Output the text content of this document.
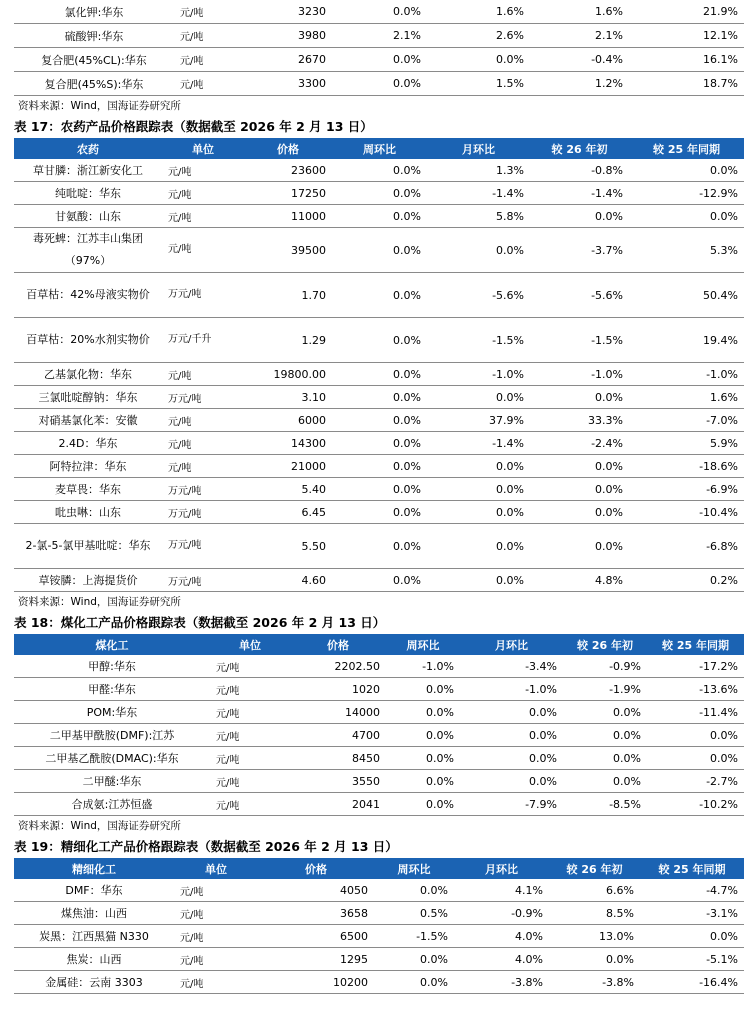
氯化钾:华东	元/吨	3230	0.0%	1.6%	1.6%	21.9%
硫酸钾:华东	元/吨	3980	2.1%	2.6%	2.1%	12.1%
复合肥(45%CL):华东	元/吨	2670	0.0%	0.0%	-0.4%	16.1%
复合肥(45%S):华东	元/吨	3300	0.0%	1.5%	1.2%	18.7%
资料来源：Wind，国海证券研究所
表 17：农药产品价格跟踪表（数据截至 2026 年 2 月 13 日）
农药	单位	价格	周环比	月环比	较 26 年初	较 25 年同期
草甘膦：浙江新安化工	元/吨	23600	0.0%	1.3%	-0.8%	0.0%
纯吡啶：华东	元/吨	17250	0.0%	-1.4%	-1.4%	-12.9%
甘氨酸：山东	元/吨	11000	0.0%	5.8%	0.0%	0.0%
毒死蜱：江苏丰山集团（97%）	元/吨	39500	0.0%	0.0%	-3.7%	5.3%
百草枯：42%母液实物价	万元/吨	1.70	0.0%	-5.6%	-5.6%	50.4%
百草枯：20%水剂实物价	万元/千升	1.29	0.0%	-1.5%	-1.5%	19.4%
乙基氯化物：华东	元/吨	19800.00	0.0%	-1.0%	-1.0%	-1.0%
三氯吡啶醇钠：华东	万元/吨	3.10	0.0%	0.0%	0.0%	1.6%
对硝基氯化苯：安徽	元/吨	6000	0.0%	37.9%	33.3%	-7.0%
2.4D：华东	元/吨	14300	0.0%	-1.4%	-2.4%	5.9%
阿特拉津：华东	元/吨	21000	0.0%	0.0%	0.0%	-18.6%
麦草畏：华东	万元/吨	5.40	0.0%	0.0%	0.0%	-6.9%
吡虫啉：山东	万元/吨	6.45	0.0%	0.0%	0.0%	-10.4%
2-氯-5-氯甲基吡啶：华东	万元/吨	5.50	0.0%	0.0%	0.0%	-6.8%
草铵膦：上海提货价	万元/吨	4.60	0.0%	0.0%	4.8%	0.2%
资料来源：Wind，国海证券研究所
表 18：煤化工产品价格跟踪表（数据截至 2026 年 2 月 13 日）
煤化工	单位	价格	周环比	月环比	较 26 年初	较 25 年同期
甲醇:华东	元/吨	2202.50	-1.0%	-3.4%	-0.9%	-17.2%
甲醛:华东	元/吨	1020	0.0%	-1.0%	-1.9%	-13.6%
POM:华东	元/吨	14000	0.0%	0.0%	0.0%	-11.4%
二甲基甲酰胺(DMF):江苏	元/吨	4700	0.0%	0.0%	0.0%	0.0%
二甲基乙酰胺(DMAC):华东	元/吨	8450	0.0%	0.0%	0.0%	0.0%
二甲醚:华东	元/吨	3550	0.0%	0.0%	0.0%	-2.7%
合成氨:江苏恒盛	元/吨	2041	0.0%	-7.9%	-8.5%	-10.2%
资料来源：Wind，国海证券研究所
表 19：精细化工产品价格跟踪表（数据截至 2026 年 2 月 13 日）
精细化工	单位	价格	周环比	月环比	较 26 年初	较 25 年同期
DMF：华东	元/吨	4050	0.0%	4.1%	6.6%	-4.7%
煤焦油：山西	元/吨	3658	0.5%	-0.9%	8.5%	-3.1%
炭黑：江西黑猫 N330	元/吨	6500	-1.5%	4.0%	13.0%	0.0%
焦炭：山西	元/吨	1295	0.0%	4.0%	0.0%	-5.1%
金属硅：云南 3303	元/吨	10200	0.0%	-3.8%	-3.8%	-16.4%
